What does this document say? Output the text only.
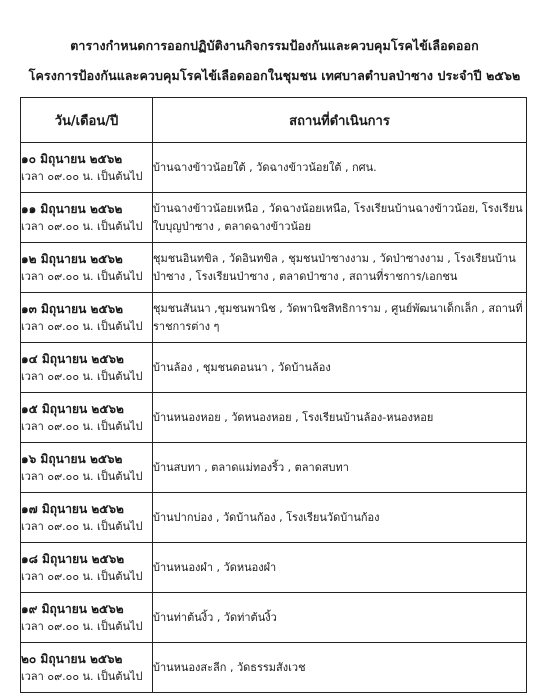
ตารางกำหนดการออกปฏิบัติงานกิจกรรมป้องกันและควบคุมโรคไข้เลือดออก
โครงการป้องกันและควบคุมโรคไข้เลือดออกในชุมชน เทศบาลตำบลป่าซาง ประจำปี ๒๕๖๒
วัน/เดือน/ปี	สถานที่ดำเนินการ

๑๐ มิถุนายน ๒๕๖๒
เวลา ๐๙.๐๐ น. เป็นต้นไป	บ้านฉางข้าวน้อยใต้ , วัดฉางข้าวน้อยใต้ , กศน.

๑๑ มิถุนายน ๒๕๖๒
เวลา ๐๙.๐๐ น. เป็นต้นไป	บ้านฉางข้าวน้อยเหนือ , วัดฉางน้อยเหนือ, โรงเรียนบ้านฉางข้าวน้อย, โรงเรียนใบบุญป่าซาง , ตลาดฉางข้าวน้อย

๑๒ มิถุนายน ๒๕๖๒
เวลา ๐๙.๐๐ น. เป็นต้นไป	ชุมชนอินทขิล , วัดอินทขิล , ชุมชนป่าซางงาม , วัดป่าซางงาม , โรงเรียนบ้านป่าซาง , โรงเรียนป่าซาง , ตลาดป่าซาง , สถานที่ราชการ/เอกชน

๑๓ มิถุนายน ๒๕๖๒
เวลา ๐๙.๐๐ น. เป็นต้นไป	ชุมชนสันนา ,ชุมชนพานิช , วัดพานิชสิทธิการาม , ศูนย์พัฒนาเด็กเล็ก , สถานที่ราชการต่าง ๆ

๑๔ มิถุนายน ๒๕๖๒
เวลา ๐๙.๐๐ น. เป็นต้นไป	บ้านล้อง , ชุมชนดอนนา , วัดบ้านล้อง

๑๕ มิถุนายน ๒๕๖๒
เวลา ๐๙.๐๐ น. เป็นต้นไป	บ้านหนองหอย , วัดหนองหอย , โรงเรียนบ้านล้อง-หนองหอย

๑๖ มิถุนายน ๒๕๖๒
เวลา ๐๙.๐๐ น. เป็นต้นไป	บ้านสบทา , ตลาดแม่ทองริ้ว , ตลาดสบทา

๑๗ มิถุนายน ๒๕๖๒
เวลา ๐๙.๐๐ น. เป็นต้นไป	บ้านปากบ่อง , วัดบ้านก้อง , โรงเรียนวัดบ้านก้อง

๑๘ มิถุนายน ๒๕๖๒
เวลา ๐๙.๐๐ น. เป็นต้นไป	บ้านหนองผำ , วัดหนองผำ

๑๙ มิถุนายน ๒๕๖๒
เวลา ๐๙.๐๐ น. เป็นต้นไป	บ้านท่าต้นงิ้ว , วัดท่าต้นงิ้ว

๒๐ มิถุนายน ๒๕๖๒
เวลา ๐๙.๐๐ น. เป็นต้นไป	บ้านหนองสะลีก , วัดธรรมสังเวช
